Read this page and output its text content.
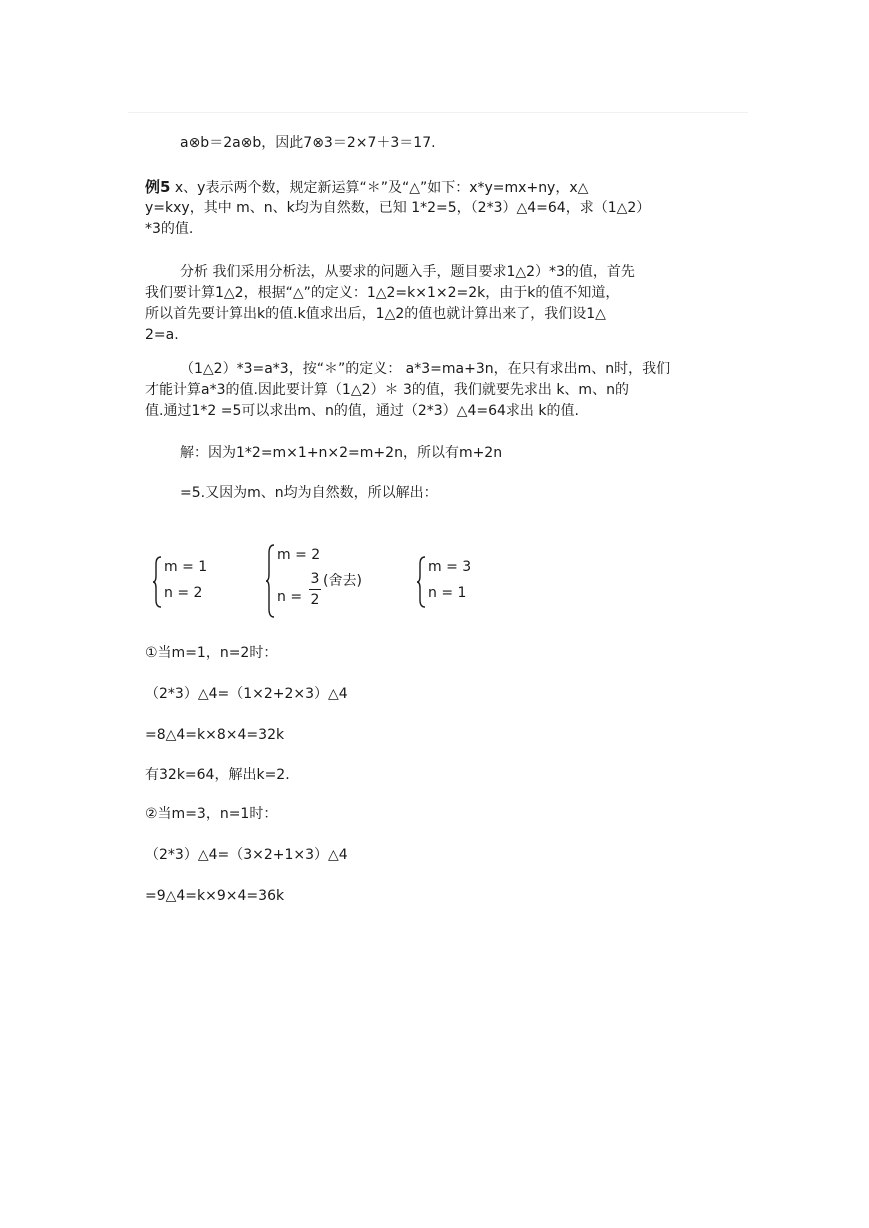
a⊗b＝2a⊗b，因此7⊗3＝2×7＋3＝17.
例5 x、y表示两个数，规定新运算“＊”及“△”如下：x*y=mx+ny，x△
y=kxy，其中 m、n、k均为自然数，已知 1*2=5，（2*3）△4=64，求（1△2）
*3的值.
分析 我们采用分析法，从要求的问题入手，题目要求1△2）*3的值，首先
我们要计算1△2，根据“△”的定义：1△2=k×1×2=2k，由于k的值不知道，
所以首先要计算出k的值.k值求出后，1△2的值也就计算出来了，我们设1△
2=a.
（1△2）*3=a*3，按“＊”的定义： a*3=ma+3n，在只有求出m、n时，我们
才能计算a*3的值.因此要计算（1△2）＊ 3的值，我们就要先求出 k、m、n的
值.通过1*2 =5可以求出m、n的值，通过（2*3）△4=64求出 k的值.
解：因为1*2=m×1+n×2=m+2n，所以有m+2n
=5.又因为m、n均为自然数，所以解出：
m = 1
n = 2
m = 2
n =
3
2
(舍去)
m = 3
n = 1
①当m=1，n=2时：
（2*3）△4=（1×2+2×3）△4
=8△4=k×8×4=32k
有32k=64，解出k=2.
②当m=3，n=1时：
（2*3）△4=（3×2+1×3）△4
=9△4=k×9×4=36k
